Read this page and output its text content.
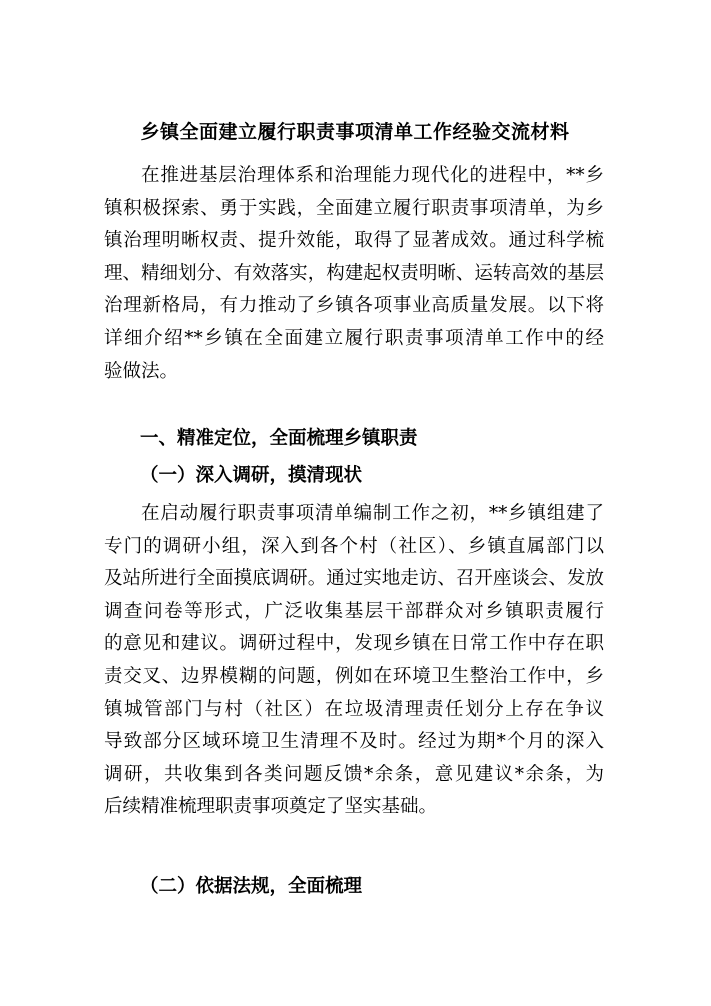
乡镇全面建立履行职责事项清单工作经验交流材料
在推进基层治理体系和治理能力现代化的进程中，**乡
镇积极探索、勇于实践，全面建立履行职责事项清单，为乡
镇治理明晰权责、提升效能，取得了显著成效。通过科学梳
理、精细划分、有效落实，构建起权责明晰、运转高效的基层
治理新格局，有力推动了乡镇各项事业高质量发展。以下将
详细介绍**乡镇在全面建立履行职责事项清单工作中的经
验做法。
一、精准定位，全面梳理乡镇职责
（一）深入调研，摸清现状
在启动履行职责事项清单编制工作之初，**乡镇组建了
专门的调研小组，深入到各个村（社区）、乡镇直属部门以
及站所进行全面摸底调研。通过实地走访、召开座谈会、发放
调查问卷等形式，广泛收集基层干部群众对乡镇职责履行
的意见和建议。调研过程中，发现乡镇在日常工作中存在职
责交叉、边界模糊的问题，例如在环境卫生整治工作中，乡
镇城管部门与村（社区）在垃圾清理责任划分上存在争议
导致部分区域环境卫生清理不及时。经过为期*个月的深入
调研，共收集到各类问题反馈*余条，意见建议*余条，为
后续精准梳理职责事项奠定了坚实基础。
（二）依据法规，全面梳理
